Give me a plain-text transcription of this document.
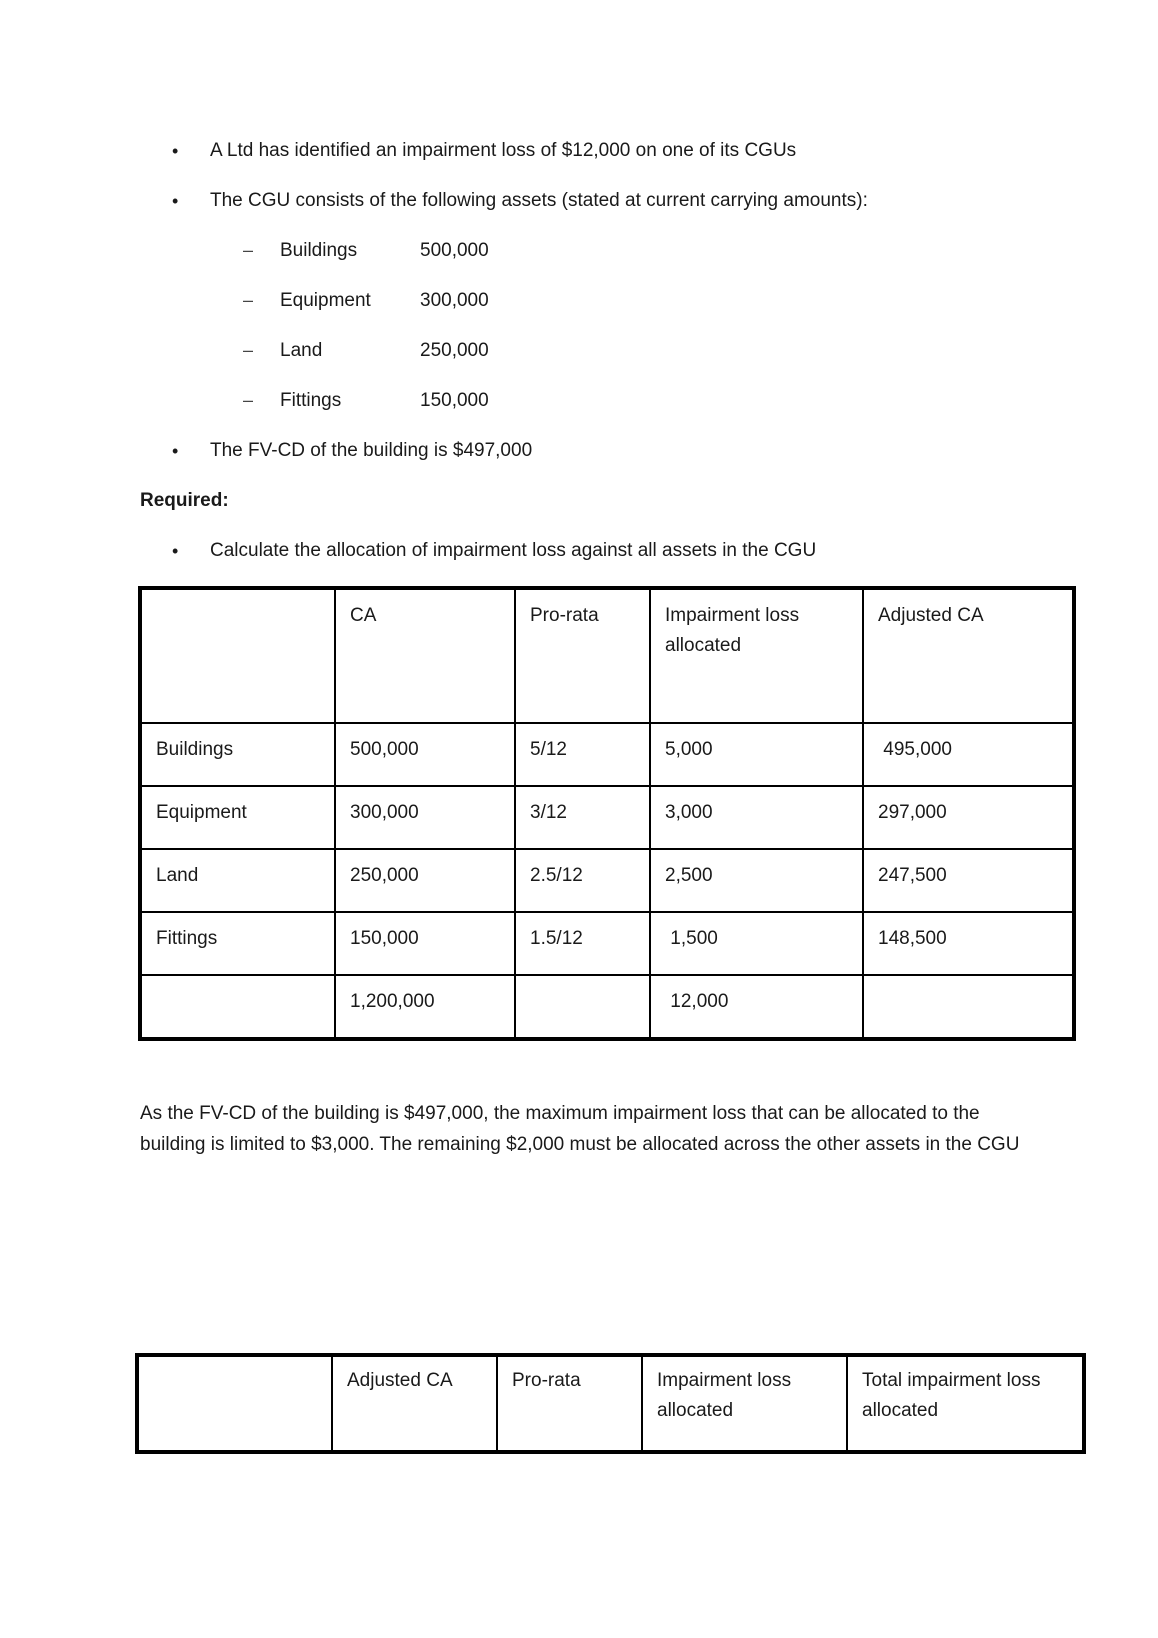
• A Ltd has identified an impairment loss of $12,000 on one of its CGUs
• The CGU consists of the following assets (stated at current carrying amounts):
– Buildings	500,000
– Equipment	300,000
– Land	250,000
– Fittings	150,000
• The FV-CD of the building is $497,000
Required:
• Calculate the allocation of impairment loss against all assets in the CGU
	CA	Pro-rata	Impairment loss allocated	Adjusted CA
Buildings	500,000	5/12	5,000	495,000
Equipment	300,000	3/12	3,000	297,000
Land	250,000	2.5/12	2,500	247,500
Fittings	150,000	1.5/12	1,500	148,500
	1,200,000		12,000	
As the FV-CD of the building is $497,000, the maximum impairment loss that can be allocated to the building is limited to $3,000. The remaining $2,000 must be allocated across the other assets in the CGU
	Adjusted CA	Pro-rata	Impairment loss allocated	Total impairment loss allocated
